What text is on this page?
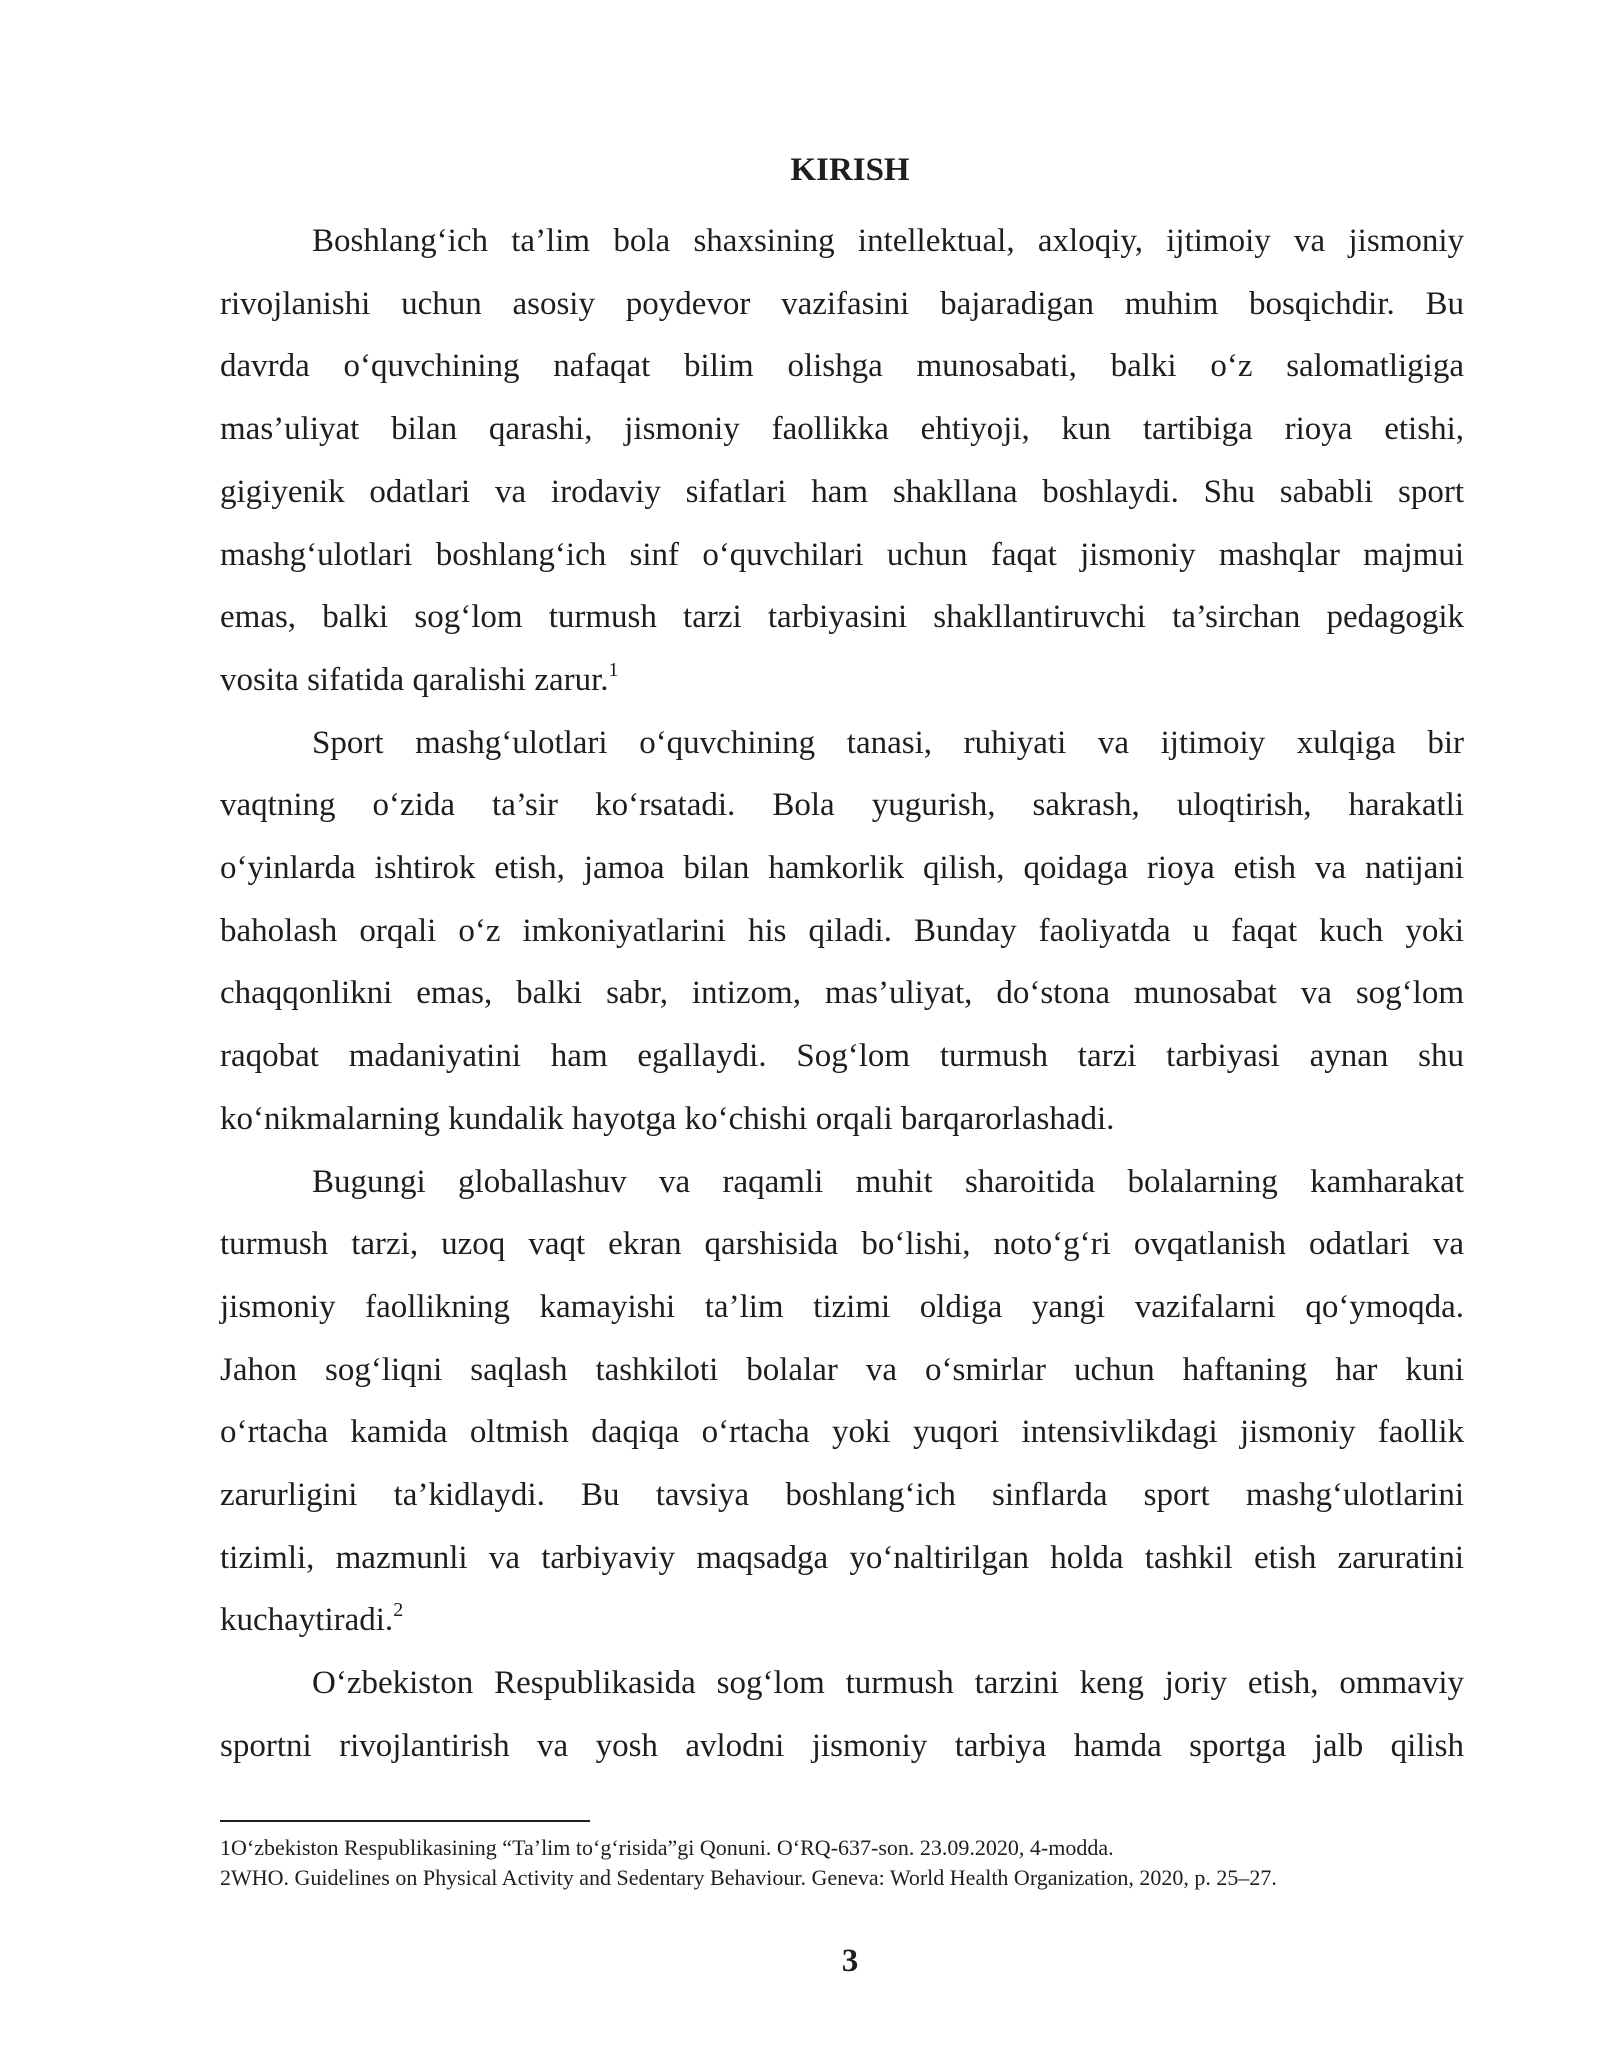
KIRISH
Boshlang‘ich ta’lim bola shaxsining intellektual, axloqiy, ijtimoiy va jismoniy
rivojlanishi uchun asosiy poydevor vazifasini bajaradigan muhim bosqichdir. Bu
davrda o‘quvchining nafaqat bilim olishga munosabati, balki o‘z salomatligiga
mas’uliyat bilan qarashi, jismoniy faollikka ehtiyoji, kun tartibiga rioya etishi,
gigiyenik odatlari va irodaviy sifatlari ham shakllana boshlaydi. Shu sababli sport
mashg‘ulotlari boshlang‘ich sinf o‘quvchilari uchun faqat jismoniy mashqlar majmui
emas, balki sog‘lom turmush tarzi tarbiyasini shakllantiruvchi ta’sirchan pedagogik
vosita sifatida qaralishi zarur.$^1$
Sport mashg‘ulotlari o‘quvchining tanasi, ruhiyati va ijtimoiy xulqiga bir
vaqtning o‘zida ta’sir ko‘rsatadi. Bola yugurish, sakrash, uloqtirish, harakatli
o‘yinlarda ishtirok etish, jamoa bilan hamkorlik qilish, qoidaga rioya etish va natijani
baholash orqali o‘z imkoniyatlarini his qiladi. Bunday faoliyatda u faqat kuch yoki
chaqqonlikni emas, balki sabr, intizom, mas’uliyat, do‘stona munosabat va sog‘lom
raqobat madaniyatini ham egallaydi. Sog‘lom turmush tarzi tarbiyasi aynan shu
ko‘nikmalarning kundalik hayotga ko‘chishi orqali barqarorlashadi.
Bugungi globallashuv va raqamli muhit sharoitida bolalarning kamharakat
turmush tarzi, uzoq vaqt ekran qarshisida bo‘lishi, noto‘g‘ri ovqatlanish odatlari va
jismoniy faollikning kamayishi ta’lim tizimi oldiga yangi vazifalarni qo‘ymoqda.
Jahon sog‘liqni saqlash tashkiloti bolalar va o‘smirlar uchun haftaning har kuni
o‘rtacha kamida oltmish daqiqa o‘rtacha yoki yuqori intensivlikdagi jismoniy faollik
zarurligini ta’kidlaydi. Bu tavsiya boshlang‘ich sinflarda sport mashg‘ulotlarini
tizimli, mazmunli va tarbiyaviy maqsadga yo‘naltirilgan holda tashkil etish zaruratini
kuchaytiradi.$^2$
O‘zbekiston Respublikasida sog‘lom turmush tarzini keng joriy etish, ommaviy
sportni rivojlantirish va yosh avlodni jismoniy tarbiya hamda sportga jalb qilish
1O‘zbekiston Respublikasining “Ta’lim to‘g‘risida”gi Qonuni. O‘RQ-637-son. 23.09.2020, 4-modda.
2WHO. Guidelines on Physical Activity and Sedentary Behaviour. Geneva: World Health Organization, 2020, p. 25–27.
3
